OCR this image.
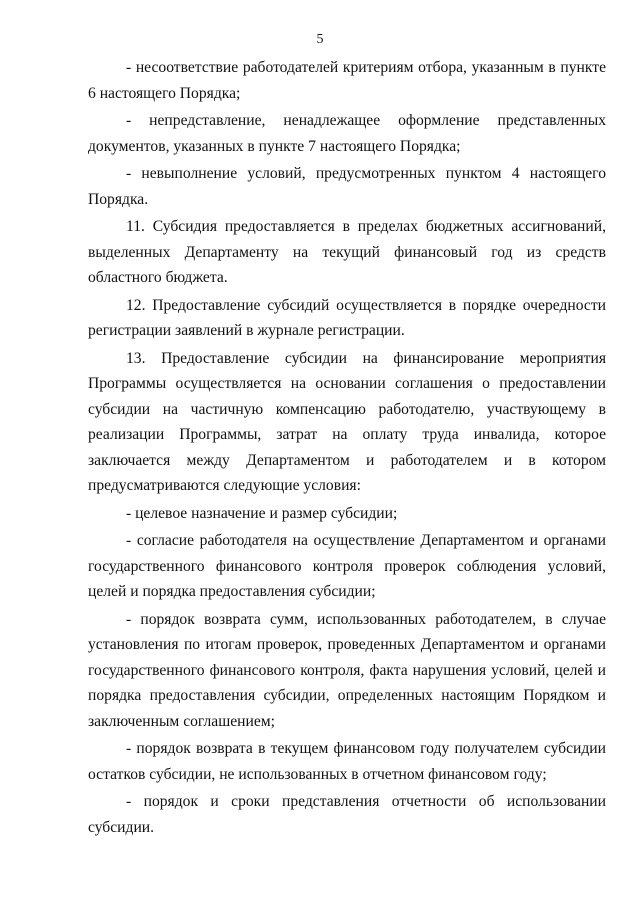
5

- несоответствие работодателей критериям отбора, указанным в пункте 6 настоящего Порядка;

- непредставление, ненадлежащее оформление представленных документов, указанных в пункте 7 настоящего Порядка;

- невыполнение условий, предусмотренных пунктом 4 настоящего Порядка.

11. Субсидия предоставляется в пределах бюджетных ассигнований, выделенных Департаменту на текущий финансовый год из средств областного бюджета.

12. Предоставление субсидий осуществляется в порядке очередности регистрации заявлений в журнале регистрации.

13. Предоставление субсидии на финансирование мероприятия Программы осуществляется на основании соглашения о предоставлении субсидии на частичную компенсацию работодателю, участвующему в реализации Программы, затрат на оплату труда инвалида, которое заключается между Департаментом и работодателем и в котором предусматриваются следующие условия:

- целевое назначение и размер субсидии;

- согласие работодателя на осуществление Департаментом и органами государственного финансового контроля проверок соблюдения условий, целей и порядка предоставления субсидии;

- порядок возврата сумм, использованных работодателем, в случае установления по итогам проверок, проведенных Департаментом и органами государственного финансового контроля, факта нарушения условий, целей и порядка предоставления субсидии, определенных настоящим Порядком и заключенным соглашением;

- порядок возврата в текущем финансовом году получателем субсидии остатков субсидии, не использованных в отчетном финансовом году;

- порядок и сроки представления отчетности об использовании субсидии.
